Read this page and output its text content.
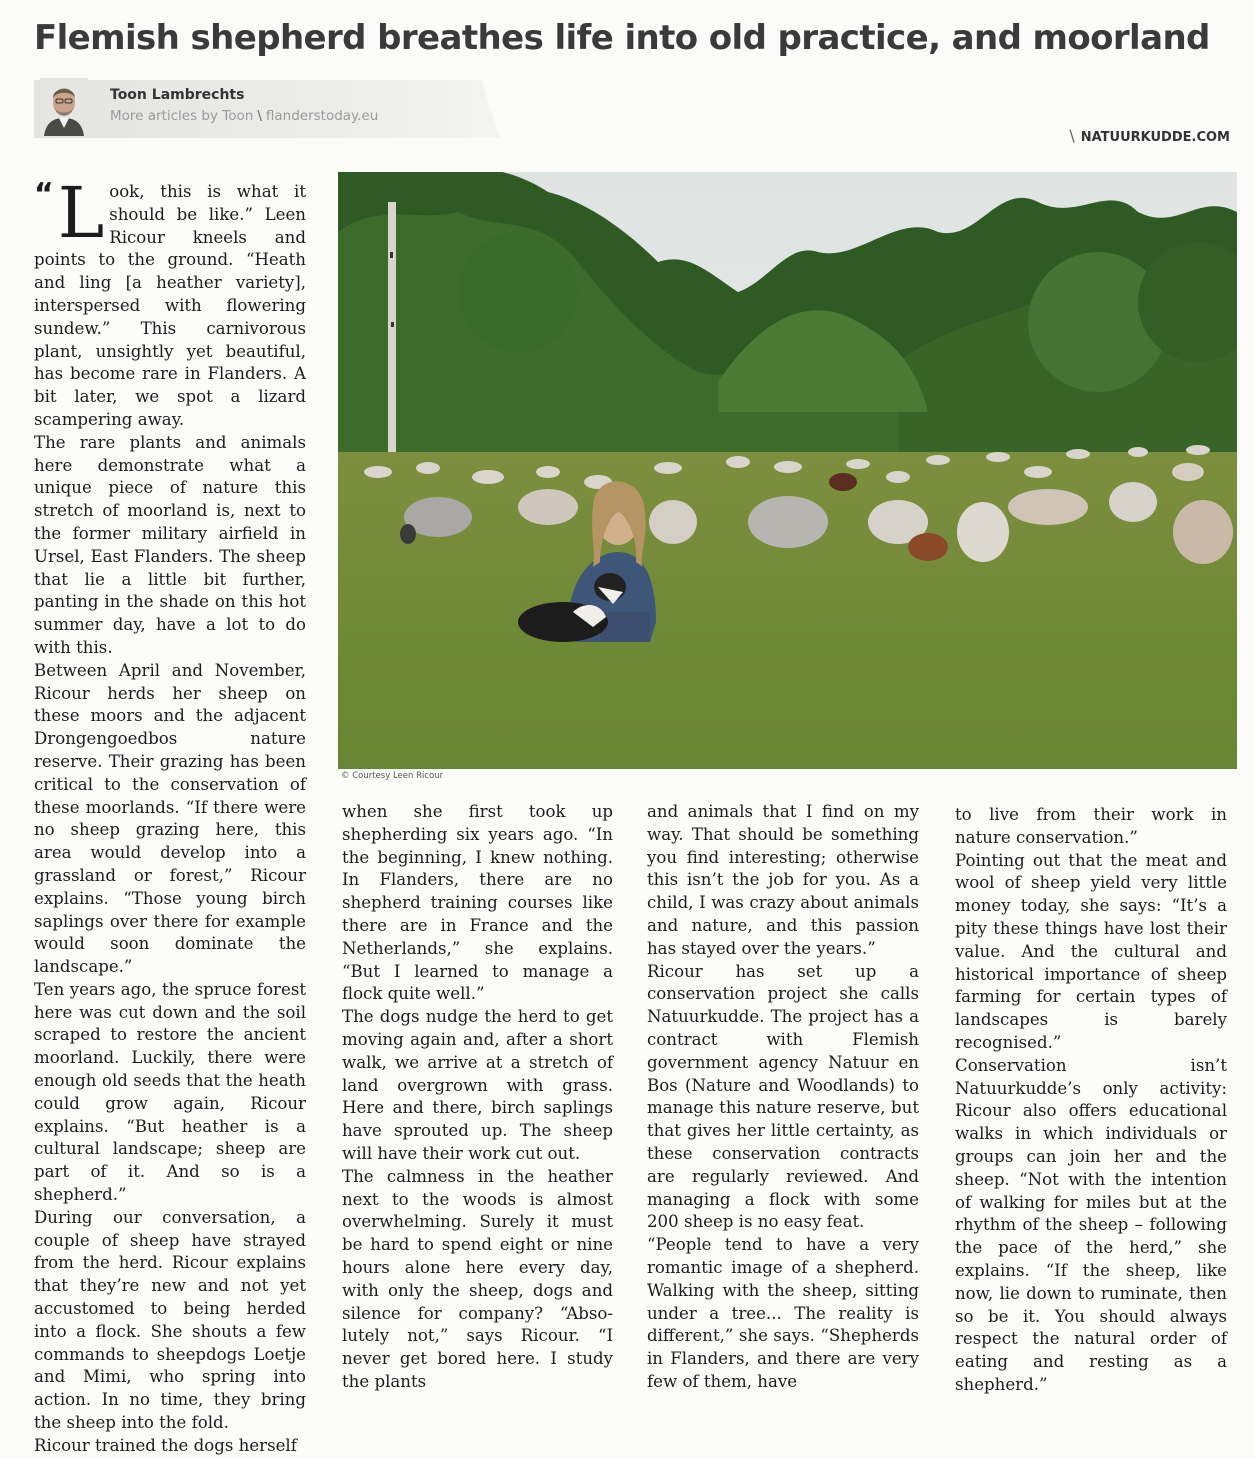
Flemish shepherd breathes life into old practice, and moorland
Toon Lambrechts
More articles by Toon \ flanderstoday.eu
\ NATUURKUDDE.COM
© Courtesy Leen Ricour

“ L ook, this is what it should be like.” Leen Ricour kneels and points to the ground. “Heath and ling [a heather variety], interspersed with flowering sundew.” This carnivorous plant, unsightly yet beautiful, has become rare in Flanders. A bit later, we spot a lizard scampering away.

The rare plants and animals here demonstrate what a unique piece of nature this stretch of moorland is, next to the former military airfield in Ursel, East Flanders. The sheep that lie a little bit further, panting in the shade on this hot summer day, have a lot to do with this.

Between April and November, Ricour herds her sheep on these moors and the adjacent Drongengoedbos nature reserve. Their grazing has been critical to the conservation of these moorlands. “If there were no sheep grazing here, this area would develop into a grassland or forest,” Ricour explains. “Those young birch saplings over there for example would soon dominate the landscape.”

Ten years ago, the spruce forest here was cut down and the soil scraped to restore the ancient moorland. Luckily, there were enough old seeds that the heath could grow again, Ricour explains. “But heather is a cultural landscape; sheep are part of it. And so is a shepherd.”

During our conversation, a couple of sheep have strayed from the herd. Ricour explains that they’re new and not yet accustomed to being herded into a flock. She shouts a few commands to sheepdogs Loetje and Mimi, who spring into action. In no time, they bring the sheep into the fold.

Ricour trained the dogs herself

when she first took up shepherding six years ago. “In the beginning, I knew nothing. In Flanders, there are no shepherd training courses like there are in France and the Netherlands,” she explains. “But I learned to manage a flock quite well.”

The dogs nudge the herd to get moving again and, after a short walk, we arrive at a stretch of land overgrown with grass. Here and there, birch saplings have sprouted up. The sheep will have their work cut out.

The calmness in the heather next to the woods is almost overwhelming. Surely it must be hard to spend eight or nine hours alone here every day, with only the sheep, dogs and silence for company? “Absolutely not,” says Ricour. “I never get bored here. I study the plants

and animals that I find on my way. That should be something you find interesting; otherwise this isn’t the job for you. As a child, I was crazy about animals and nature, and this passion has stayed over the years.”

Ricour has set up a conservation project she calls Natuurkudde. The project has a contract with Flemish government agency Natuur en Bos (Nature and Woodlands) to manage this nature reserve, but that gives her little certainty, as these conservation contracts are regularly reviewed. And managing a flock with some 200 sheep is no easy feat.

“People tend to have a very romantic image of a shepherd. Walking with the sheep, sitting under a tree... The reality is different,” she says. “Shepherds in Flanders, and there are very few of them, have

to live from their work in nature conservation.”

Pointing out that the meat and wool of sheep yield very little money today, she says: “It’s a pity these things have lost their value. And the cultural and historical importance of sheep farming for certain types of landscapes is barely recognised.”

Conservation isn’t Natuurkudde’s only activity: Ricour also offers educational walks in which individuals or groups can join her and the sheep. “Not with the intention of walking for miles but at the rhythm of the sheep – following the pace of the herd,” she explains. “If the sheep, like now, lie down to ruminate, then so be it. You should always respect the natural order of eating and resting as a shepherd.”
